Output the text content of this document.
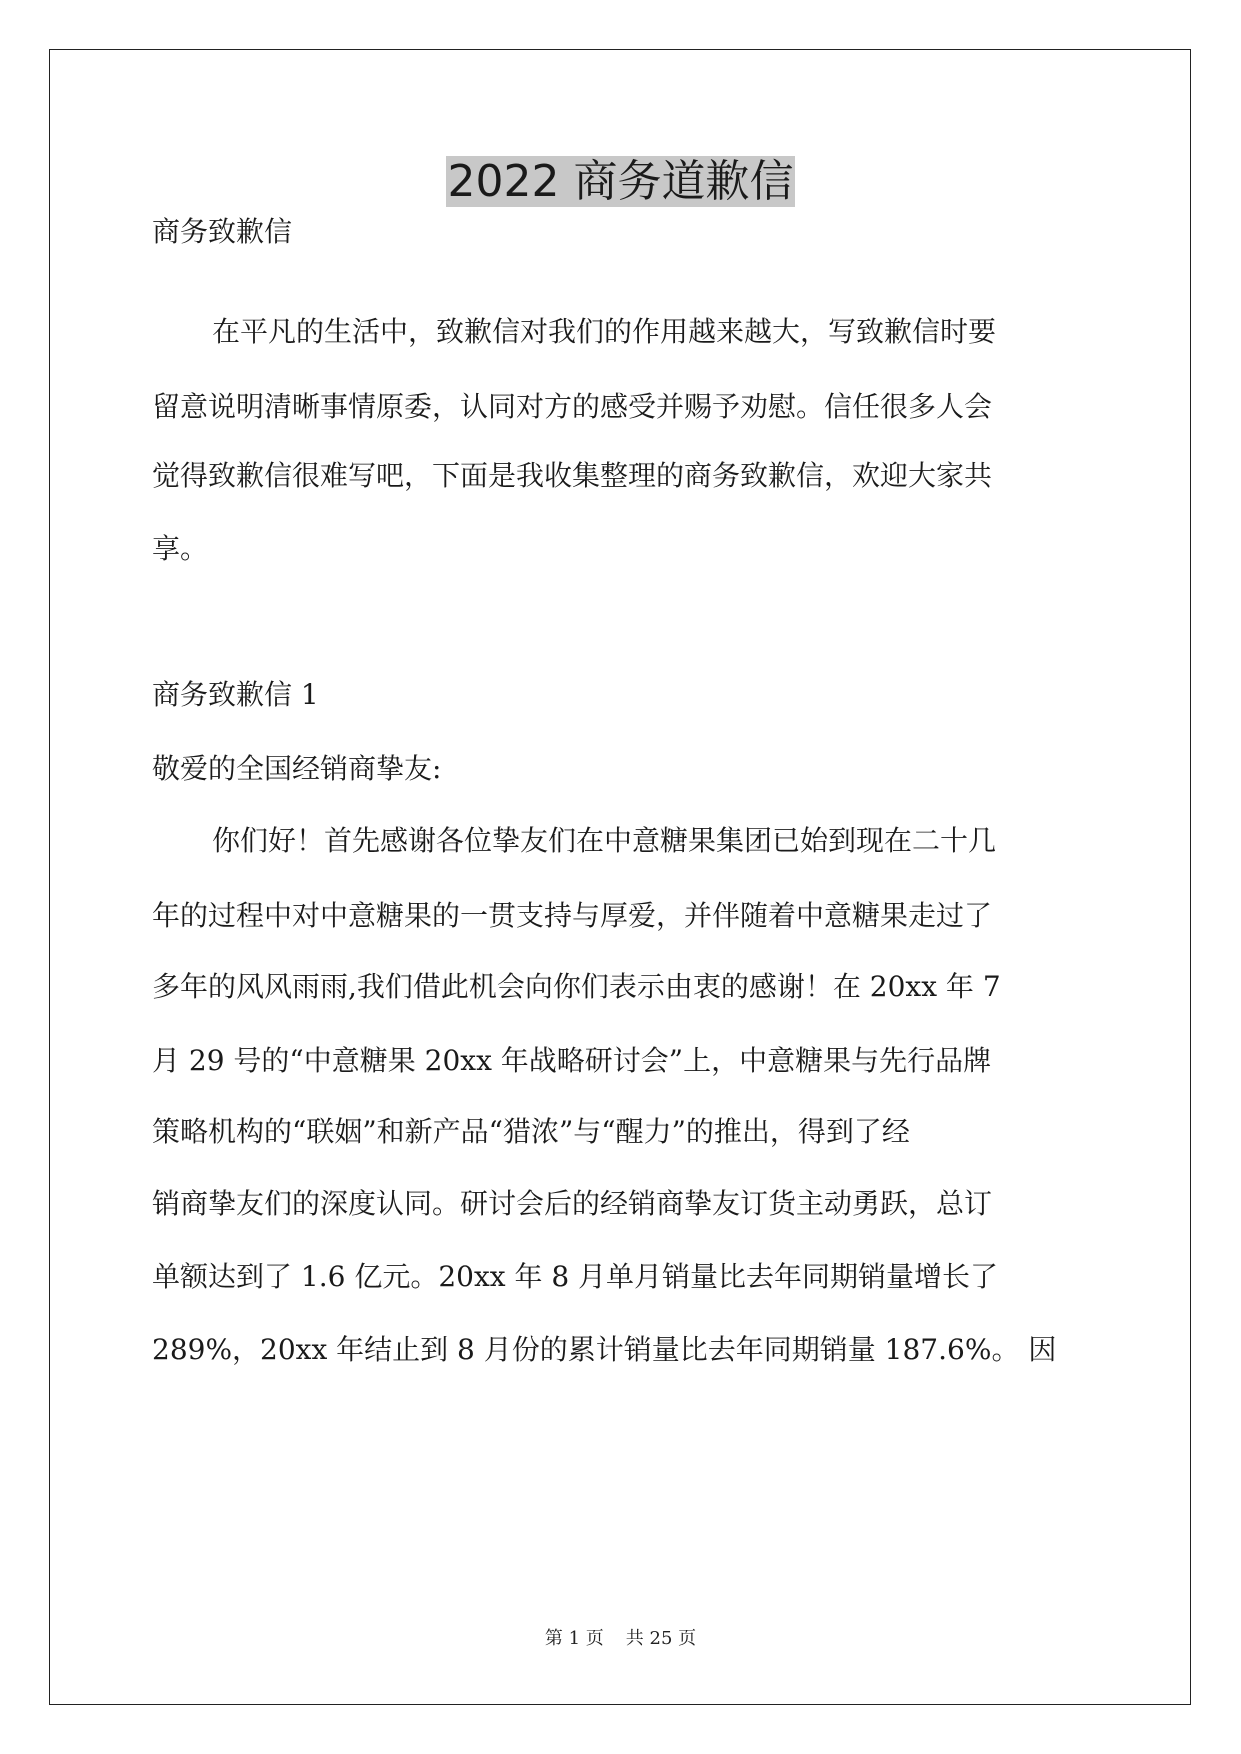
2022 商务道歉信
商务致歉信
在平凡的生活中，致歉信对我们的作用越来越大，写致歉信时要
留意说明清晰事情原委，认同对方的感受并赐予劝慰。信任很多人会
觉得致歉信很难写吧，下面是我收集整理的商务致歉信，欢迎大家共
享。
商务致歉信 1
敬爱的全国经销商挚友:
你们好！首先感谢各位挚友们在中意糖果集团已始到现在二十几
年的过程中对中意糖果的一贯支持与厚爱，并伴随着中意糖果走过了
多年的风风雨雨,我们借此机会向你们表示由衷的感谢！在 20xx 年 7
月 29 号的“中意糖果 20xx 年战略研讨会”上，中意糖果与先行品牌
策略机构的“联姻”和新产品“猎浓”与“醒力”的推出，得到了经
销商挚友们的深度认同。研讨会后的经销商挚友订货主动勇跃，总订
单额达到了 1.6 亿元。20xx 年 8 月单月销量比去年同期销量增长了
289%，20xx 年结止到 8 月份的累计销量比去年同期销量 187.6%。 因
第 1 页 共 25 页
